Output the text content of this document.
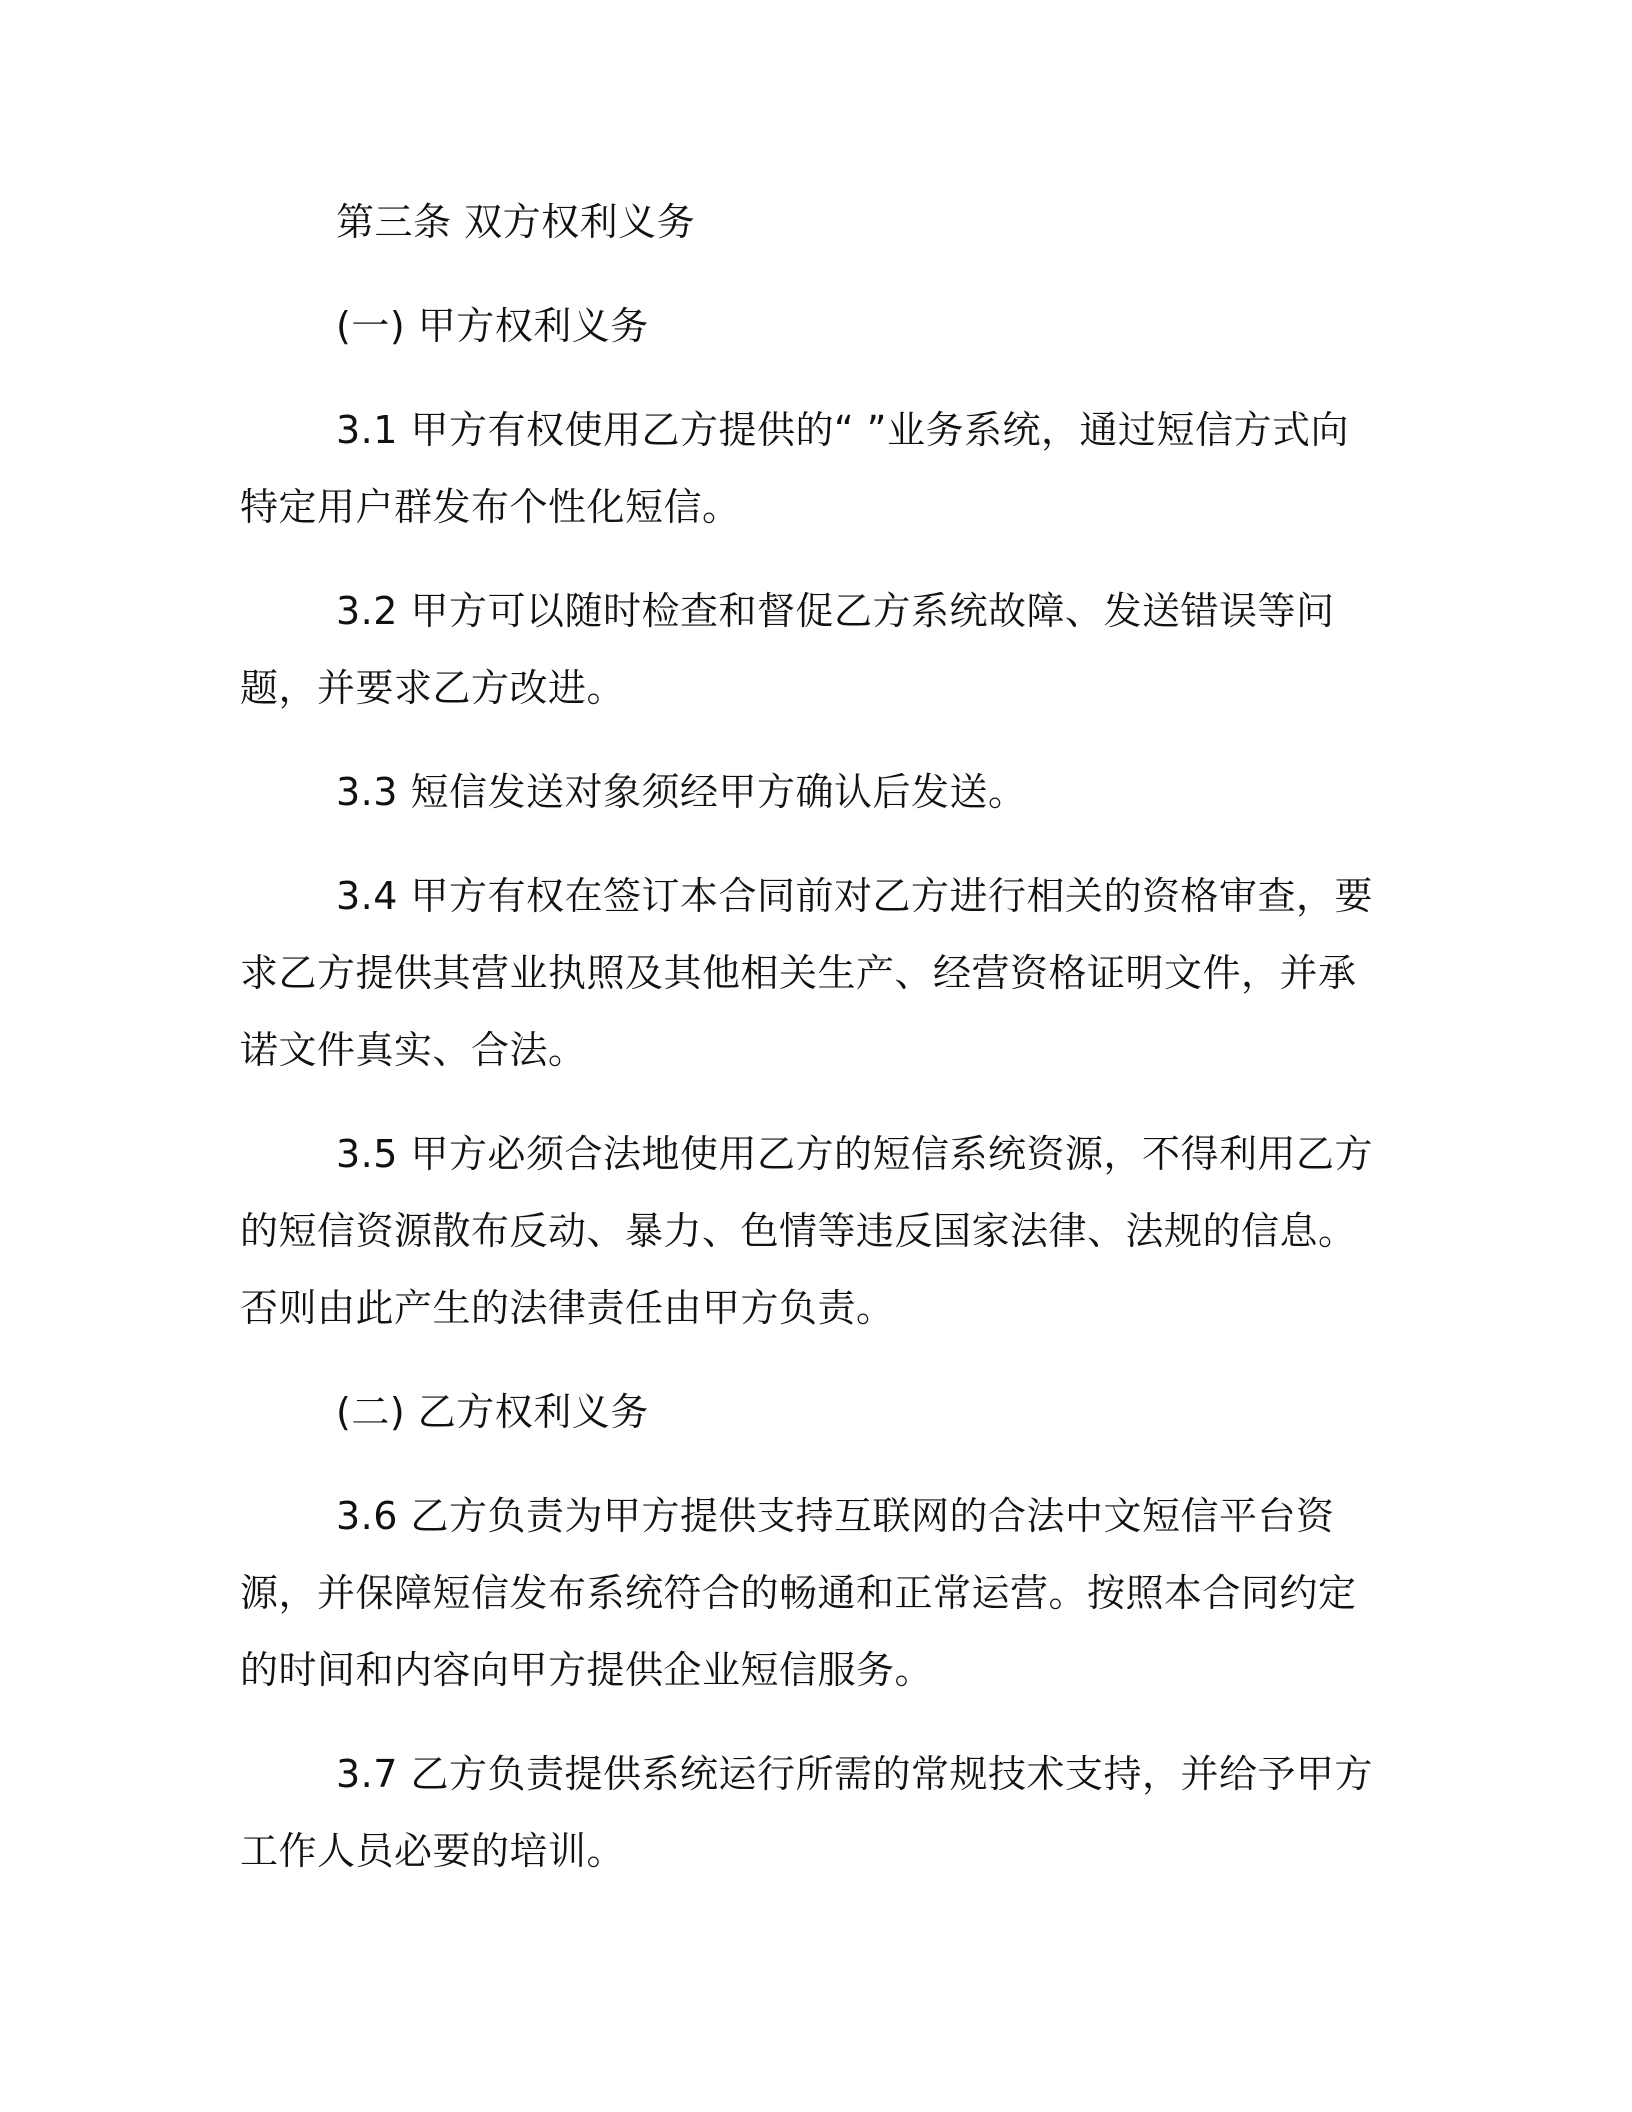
第三条 双方权利义务

(一) 甲方权利义务

3.1 甲方有权使用乙方提供的“ ”业务系统，通过短信方式向特定用户群发布个性化短信。

3.2 甲方可以随时检查和督促乙方系统故障、发送错误等问题，并要求乙方改进。

3.3 短信发送对象须经甲方确认后发送。

3.4 甲方有权在签订本合同前对乙方进行相关的资格审查，要求乙方提供其营业执照及其他相关生产、经营资格证明文件，并承诺文件真实、合法。

3.5 甲方必须合法地使用乙方的短信系统资源，不得利用乙方的短信资源散布反动、暴力、色情等违反国家法律、法规的信息。否则由此产生的法律责任由甲方负责。

(二) 乙方权利义务

3.6 乙方负责为甲方提供支持互联网的合法中文短信平台资源，并保障短信发布系统符合的畅通和正常运营。按照本合同约定的时间和内容向甲方提供企业短信服务。

3.7 乙方负责提供系统运行所需的常规技术支持，并给予甲方工作人员必要的培训。
